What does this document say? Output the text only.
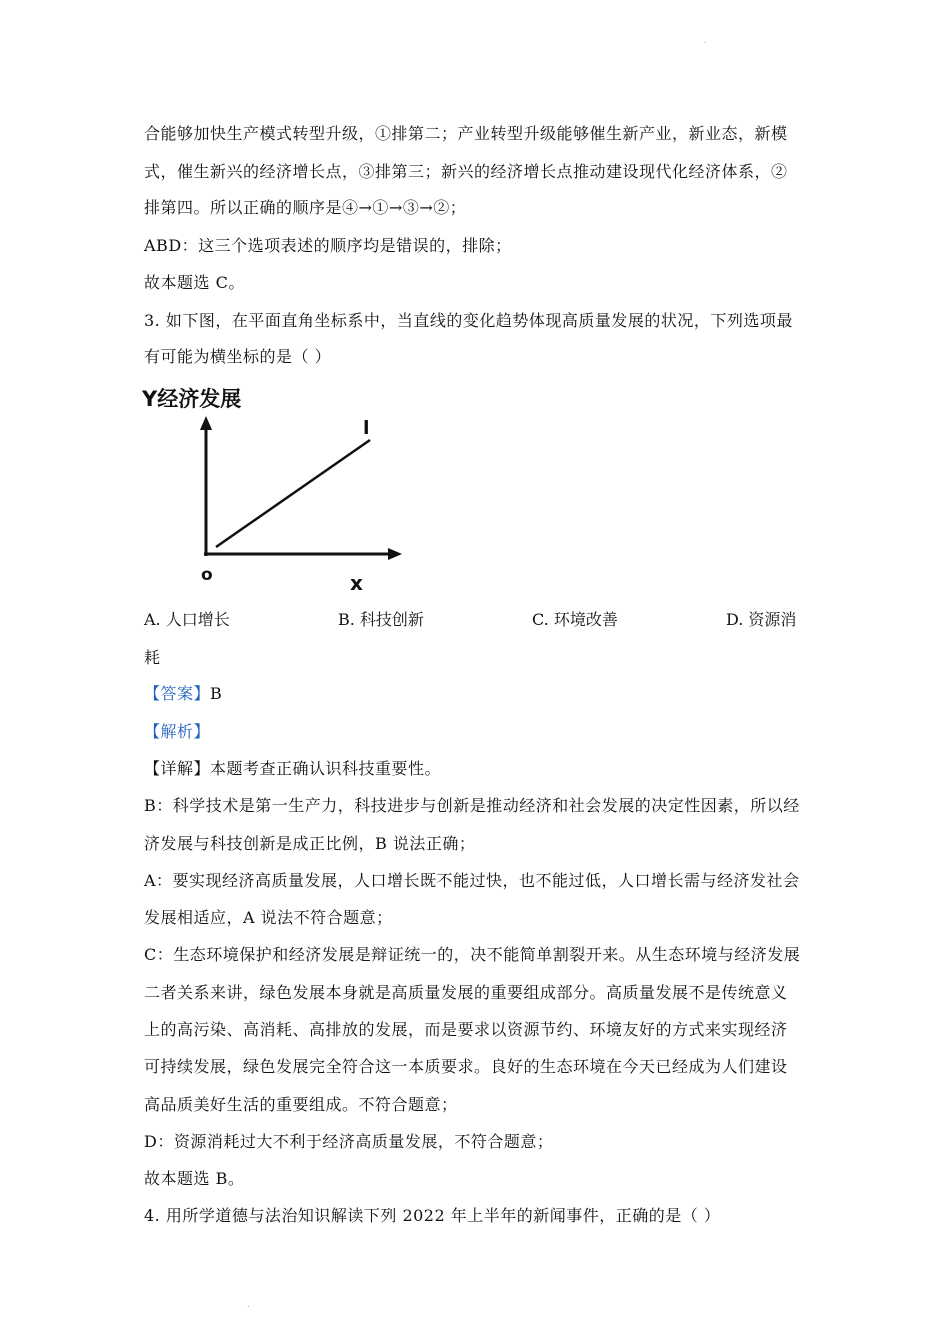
.
合能够加快生产模式转型升级，①排第二；产业转型升级能够催生新产业，新业态，新模
式，催生新兴的经济增长点，③排第三；新兴的经济增长点推动建设现代化经济体系，②
排第四。所以正确的顺序是④→①→③→②；
ABD：这三个选项表述的顺序均是错误的，排除；
故本题选 C。
3. 如下图，在平面直角坐标系中，当直线的变化趋势体现高质量发展的状况，下列选项最
有可能为横坐标的是（ ）
Y经济发展
l
o	x
A. 人口增长	B. 科技创新	C. 环境改善	D. 资源消
耗
【答案】B
【解析】
【详解】本题考查正确认识科技重要性。
B：科学技术是第一生产力，科技进步与创新是推动经济和社会发展的决定性因素，所以经
济发展与科技创新是成正比例，B 说法正确；
A：要实现经济高质量发展，人口增长既不能过快，也不能过低，人口增长需与经济发社会
发展相适应，A 说法不符合题意；
C：生态环境保护和经济发展是辩证统一的，决不能简单割裂开来。从生态环境与经济发展
二者关系来讲，绿色发展本身就是高质量发展的重要组成部分。高质量发展不是传统意义
上的高污染、高消耗、高排放的发展，而是要求以资源节约、环境友好的方式来实现经济
可持续发展，绿色发展完全符合这一本质要求。良好的生态环境在今天已经成为人们建设
高品质美好生活的重要组成。不符合题意；
D：资源消耗过大不利于经济高质量发展，不符合题意；
故本题选 B。
4. 用所学道德与法治知识解读下列 2022 年上半年的新闻事件，正确的是（ ）
.
